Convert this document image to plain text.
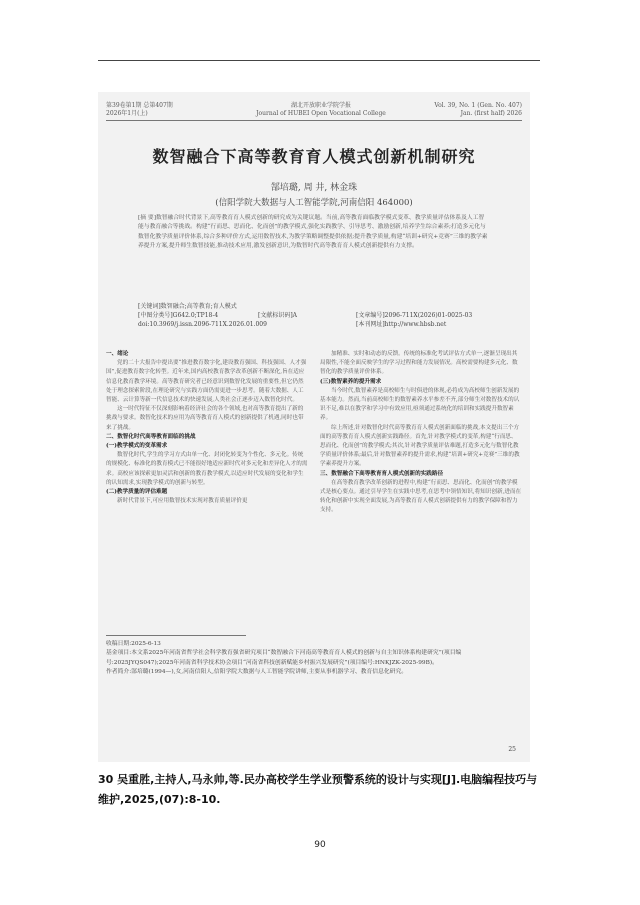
第39卷第1期 总第407期
2026年1月(上)
湖北开放职业学院学报
Journal of HUBEI Open Vocational College
Vol. 39, No. 1 (Gen. No. 407)
Jan. (first half) 2026
数智融合下高等教育育人模式创新机制研究
郜培璐, 周 井, 林金珠
(信阳学院大数据与人工智能学院,河南信阳 464000)
[摘 要]数智融合时代背景下,高等教育育人模式创新的研究成为关键议题。当前,高等教育面临教学模式变革、教学质量评估体系及人工智能与教育融合等挑战。构建“行而思、思而化、化而创”的教学模式,强化实践教学、引导思考、激励创新,培养学生综合素养;打造多元化与数智化教学质量评价体系,综合多种评价方式,运用数智技术,为教学策略调整提供依据;提升教学质量,构建“培训+研究+竞赛”三维的教学素养提升方案,提升师生数智技能,推动技术应用,激发创新意识,为数智时代高等教育育人模式创新提供有力支撑。
[关键词]数智融合;高等教育;育人模式
[中图分类号]G642.0;TP18-4	[文献标识码]A	[文章编号]2096-711X(2026)01-0025-03
doi:10.3969/j.issn.2096-711X.2026.01.009	[本刊网址]http://www.hbsb.net
一、绪论

党的二十大报告中提出要“推进教育数字化,建设教育强国、科技强国、人才强国”,促进教育数字化转型。近年来,国内高校教育教学改革创新不断深化,旨在适应信息化教育教学环境。高等教育研究者已经意识到数智化发展的重要性,但它仍然处于理念探索阶段,在理论研究与实践方面仍需更进一步思考。随着大数据、人工智能、云计算等新一代信息技术的快速发展,人类社会正逐步迈入数智化时代。

这一时代特征不仅深刻影响着经济社会的各个领域,也对高等教育提出了新的挑战与要求。数智化技术的应用为高等教育育人模式的创新提供了机遇,同时也带来了挑战。

二、数智化时代高等教育面临的挑战
(一)教学模式的变革需求

数智化时代,学生的学习方式由单一化、封闭化转变为个性化、多元化。传统的规模化、标准化的教育模式已不能很好地适应新时代对多元化和差异化人才的需求。高校应该探索更加灵活和创新的教育教学模式,以适应时代发展的变化和学生的认知需求,实现教学模式的创新与转型。

(二)教学质量的评估难题

新时代背景下,可应用数智技术实现对教育质量评价更

加精准、实时和动态的反馈。传统的标准化考试评估方式单一,逐渐呈现出其局限性,不能全面反映学生的学习过程和能力发展情况。高校需要构建多元化、数智化的教学质量评价体系。

(三)数智素养的提升需求

当今时代,数智素养是高校师生与时俱进的体现,必将成为高校师生创新发展的基本能力。然而,当前高校师生的数智素养水平参差不齐,部分师生对数智技术的认识不足,难以在教学和学习中有效应用,亟须通过系统化的培训和实践提升数智素养。

综上所述,针对数智化时代高等教育育人模式创新面临的挑战,本文提出三个方面的高等教育育人模式创新实践路径。首先,针对教学模式的变革,构建“行而思、思而化、化而创”的教学模式;其次,针对教学质量评估难题,打造多元化与数智化教学质量评价体系;最后,针对数智素养的提升需求,构建“培训+研究+竞赛”三维的教学素养提升方案。

三、数智融合下高等教育育人模式创新的实践路径

在高等教育教学改革创新的进程中,构建“行而思、思而化、化而创”的教学模式是核心要点。通过引导学生在实践中思考,在思考中领悟知识,将知识创新,进而在转化和创新中实现全面发展,为高等教育育人模式创新提供有力的教学保障和智力支持。

收稿日期:2025-6-13
基金项目:本文系2025年河南省哲学社会科学教育强省研究项目“数智融合下河南高等教育育人模式的创新与自主知识体系构建研究”(项目编号:2025JYQS047);2025年河南省科学技术协会项目“河南省科技创新赋能乡村振兴发展研究”(项目编号:HNKJZK-2025-99B)。
作者简介:郜培璐(1994—),女,河南信阳人,信阳学院大数据与人工智能学院讲师,主要从事机器学习、教育信息化研究。
25
30 吴重胜,主持人,马永帅,等.民办高校学生学业预警系统的设计与实现[J].电脑编程技巧与维护,2025,(07):8-10.
90
